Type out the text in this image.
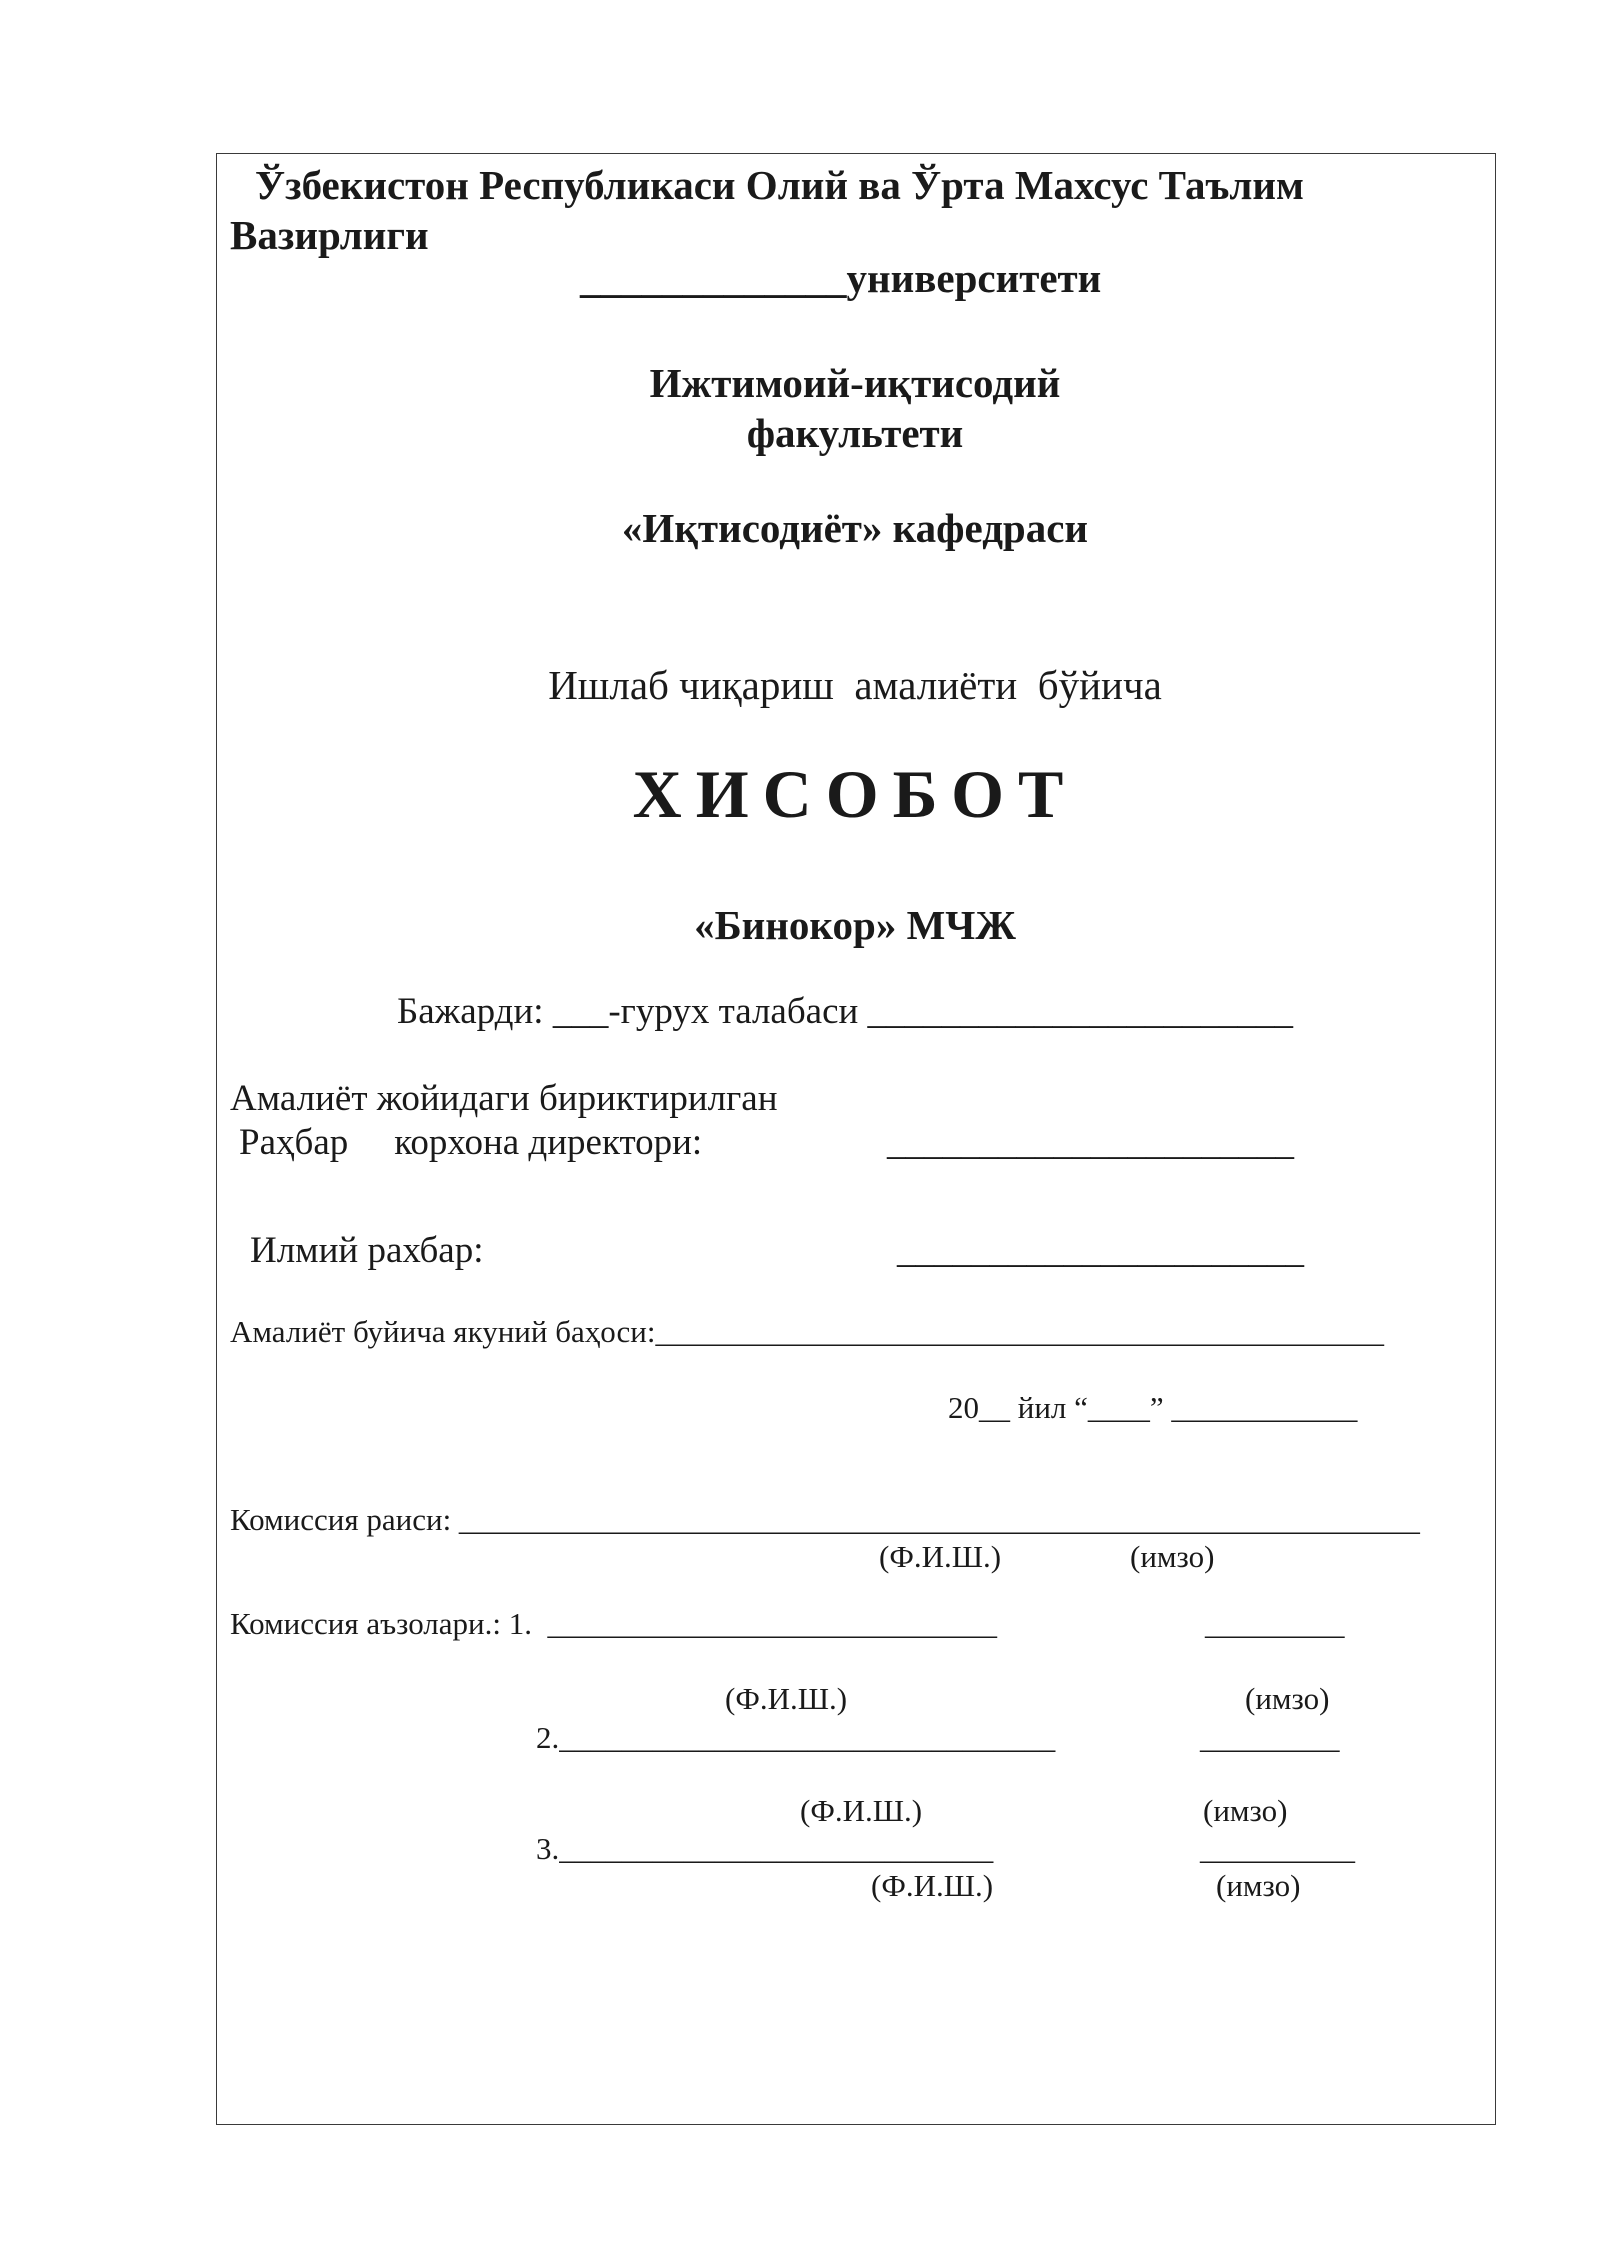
Ўзбекистон Республикаси Олий ва Ўрта Махсус Таълим
Вазирлиги
_____________университети
Ижтимоий-иқтисодий
факультети
«Иқтисодиёт» кафедраси
Ишлаб чиқариш  амалиёти  бўйича
ХИСОБОТ
«Бинокор» МЧЖ
Бажарди: ___-гурух талабаси _______________________
Амалиёт жойидаги бириктирилган
Раҳбар корхона директори:	______________________
Илмий рахбар:	______________________
Амалиёт буйича якуний баҳоси:_______________________________________________
20__ йил “____” ____________
Комиссия раиси: ______________________________________________________________
(Ф.И.Ш.)	(имзо)
Комиссия аъзолари.: 1.  _____________________________	_________
(Ф.И.Ш.)	(имзо)
2.________________________________	_________
(Ф.И.Ш.)	(имзо)
3.____________________________	__________
(Ф.И.Ш.)	(имзо)
